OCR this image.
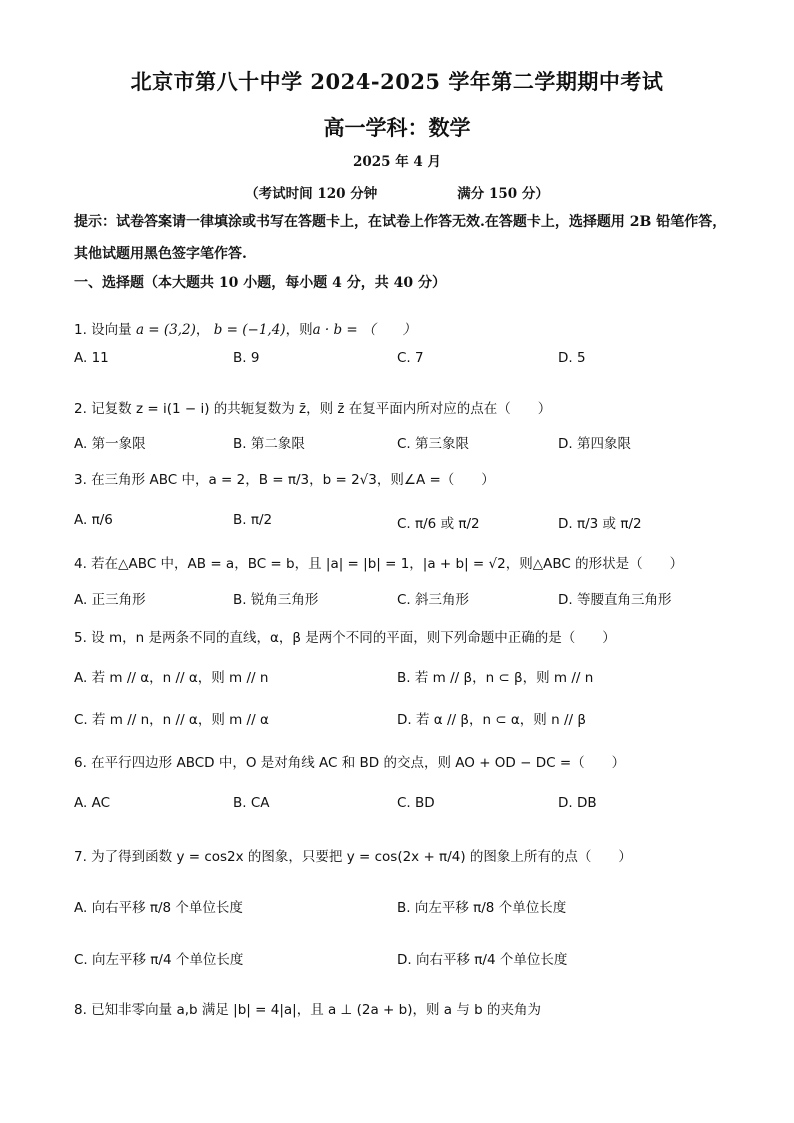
北京市第八十中学 2024-2025 学年第二学期期中考试
高一学科：数学
2025 年 4 月
（考试时间 120 分钟	满分 150 分）
提示：试卷答案请一律填涂或书写在答题卡上，在试卷上作答无效.在答题卡上，选择题用 2B 铅笔作答，其他试题用黑色签字笔作答.
一、选择题（本大题共 10 小题，每小题 4 分，共 40 分）
1. 设向量 a = (3,2)， b = (−1,4)，则a · b = （　　）
A. 11	B. 9	C. 7	D. 5
2. 记复数 z = i(1 − i) 的共轭复数为 z̄，则 z̄ 在复平面内所对应的点在（　　）
A. 第一象限	B. 第二象限	C. 第三象限	D. 第四象限
3. 在三角形 ABC 中，a = 2，B = π/3，b = 2√3，则∠A =（　　）
A. π/6	B. π/2	C. π/6 或 π/2	D. π/3 或 π/2
4. 若在△ABC 中，AB = a，BC = b，且 |a| = |b| = 1，|a + b| = √2，则△ABC 的形状是（　　）
A. 正三角形	B. 锐角三角形	C. 斜三角形	D. 等腰直角三角形
5. 设 m，n 是两条不同的直线，α，β 是两个不同的平面，则下列命题中正确的是（　　）
A. 若 m // α，n // α，则 m // n	B. 若 m // β，n ⊂ β，则 m // n
C. 若 m // n，n // α，则 m // α	D. 若 α // β，n ⊂ α，则 n // β
6. 在平行四边形 ABCD 中，O 是对角线 AC 和 BD 的交点，则 AO + OD − DC =（　　）
A. AC	B. CA	C. BD	D. DB
7. 为了得到函数 y = cos2x 的图象，只要把 y = cos(2x + π/4) 的图象上所有的点（　　）
A. 向右平移 π/8 个单位长度	B. 向左平移 π/8 个单位长度
C. 向左平移 π/4 个单位长度	D. 向右平移 π/4 个单位长度
8. 已知非零向量 a,b 满足 |b| = 4|a|，且 a ⊥ (2a + b)，则 a 与 b 的夹角为
